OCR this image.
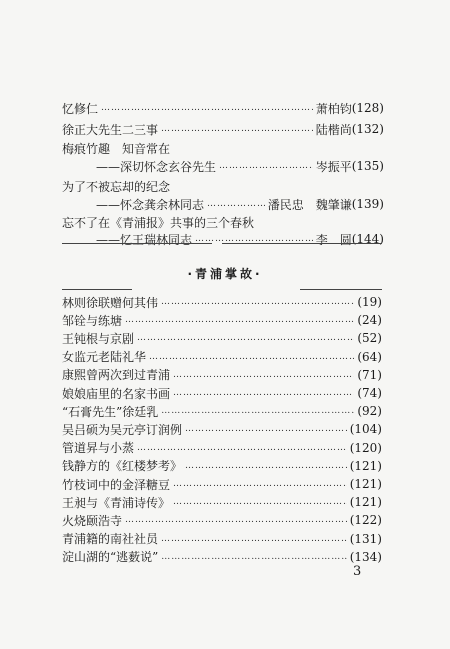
忆修仁 ……………………………………………………………………………………………………………	萧柏钧 (128)
徐正大先生二三事 ……………………………………………………………………………………………………………	陆楷尚 (132)
梅痕竹趣　知音常在
——深切怀念玄谷先生 ……………………………………………………………………………………………………………	岑振平 (135)
为了不被忘却的纪念
——怀念龚余林同志 ……………………………………………………………………………………………………………	潘民忠　魏肇谦 (139)
忘不了在《青浦报》共事的三个春秋
——忆王瑞林同志 ……………………………………………………………………………………………………………	李　圆 (144)
·青浦掌故·
林则徐联赠何其伟 ……………………………………………………………………………………………………………	(19)
邹铨与练塘 ……………………………………………………………………………………………………………	(24)
王钝根与京剧 ……………………………………………………………………………………………………………	(52)
女监元老陆礼华 ……………………………………………………………………………………………………………	(64)
康熙曾两次到过青浦 ……………………………………………………………………………………………………………	(71)
娘娘庙里的名家书画 ……………………………………………………………………………………………………………	(74)
“石膏先生”徐廷乳 ……………………………………………………………………………………………………………	(92)
吴吕硕为吴元亭订润例 ……………………………………………………………………………………………………………	(104)
管道昇与小蒸 ……………………………………………………………………………………………………………	(120)
钱静方的《红楼梦考》 ……………………………………………………………………………………………………………	(121)
竹枝词中的金泽糖豆 ……………………………………………………………………………………………………………	(121)
王昶与《青浦诗传》 ……………………………………………………………………………………………………………	(121)
火烧颐浩寺 ……………………………………………………………………………………………………………	(122)
青浦籍的南社社员 ……………………………………………………………………………………………………………	(131)
淀山湖的“逃薮说” ……………………………………………………………………………………………………………	(134)
3
